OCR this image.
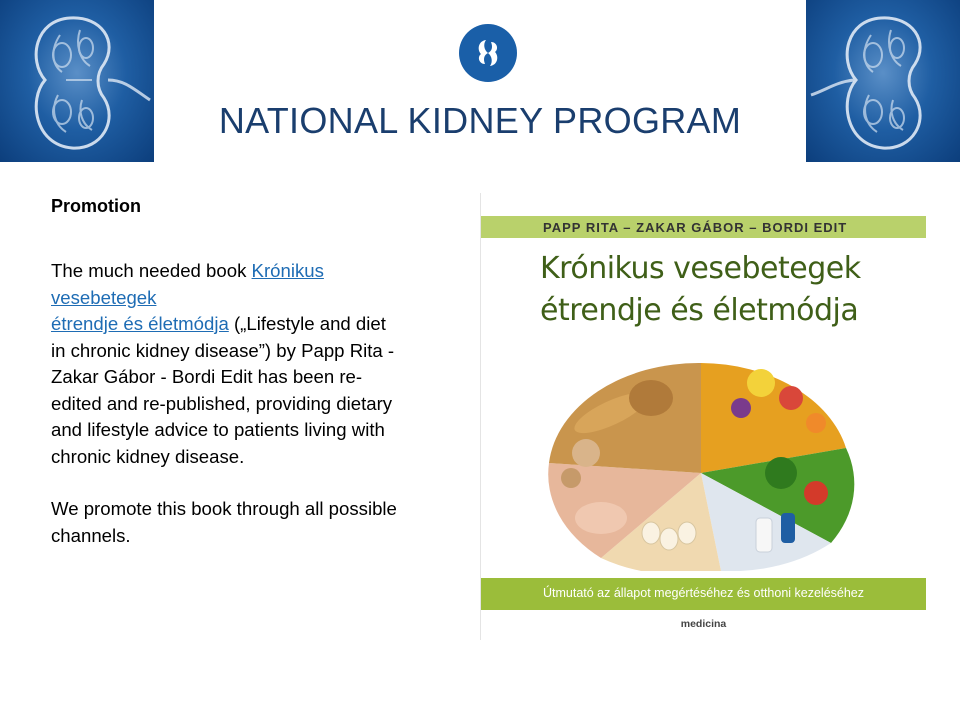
NATIONAL KIDNEY PROGRAM
Promotion
The much needed book Krónikus vesebetegek
étrendje és életmódja („Lifestyle and diet in chronic kidney disease”) by Papp Rita - Zakar Gábor - Bordi Edit has been re-edited and re-published, providing dietary and lifestyle advice to patients living with chronic kidney disease.
We promote this book through all possible channels.
PAPP RITA – ZAKAR GÁBOR – BORDI EDIT
Krónikus vesebetegek
étrendje és életmódja
Útmutató az állapot megértéséhez és otthoni kezeléséhez
medicina
